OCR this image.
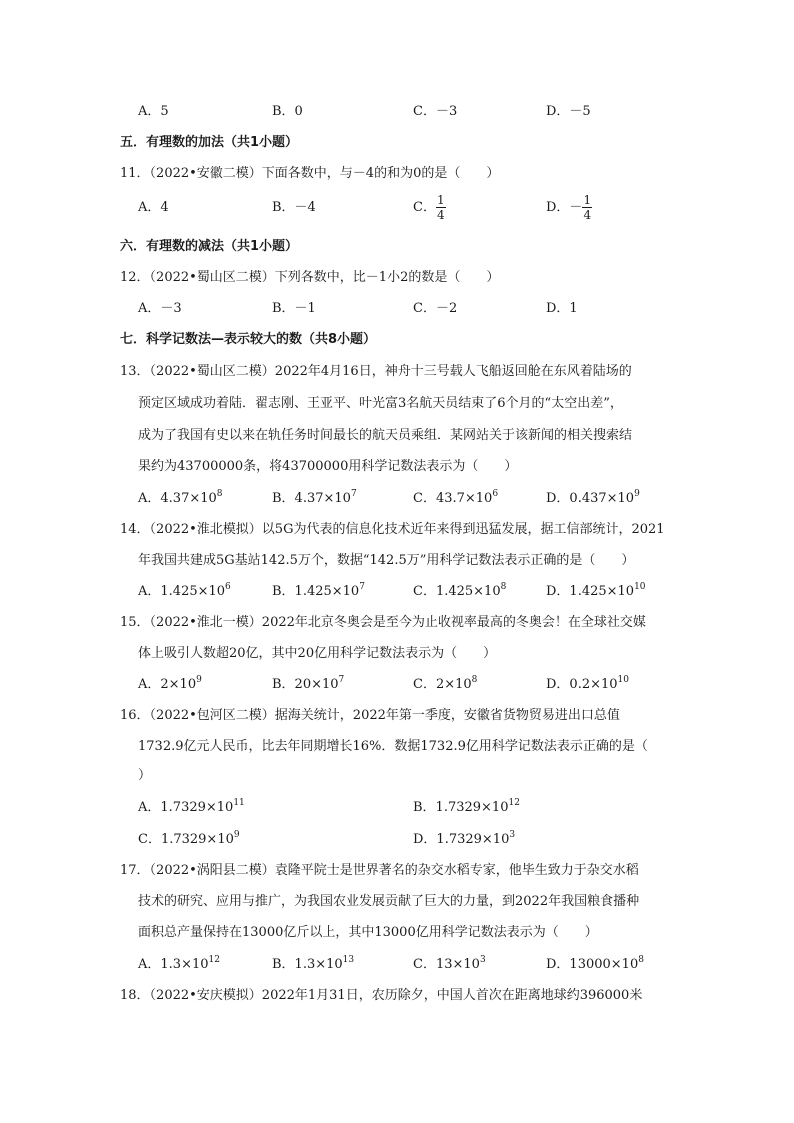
A．5	B．0	C．－3	D．－5
五．有理数的加法（共1小题）
11．（2022•安徽二模）下面各数中，与－4的和为0的是（　　）
A．4	B．－4	C． $\frac{1}{4}$	D．－ $\frac{1}{4}$
六．有理数的减法（共1小题）
12．（2022•蜀山区二模）下列各数中，比－1小2的数是（　　）
A．－3	B．－1	C．－2	D．1
七．科学记数法—表示较大的数（共8小题）
13．（2022•蜀山区二模）2022年4月16日，神舟十三号载人飞船返回舱在东风着陆场的
预定区域成功着陆．翟志刚、王亚平、叶光富3名航天员结束了6个月的“太空出差”，
成为了我国有史以来在轨任务时间最长的航天员乘组．某网站关于该新闻的相关搜索结
果约为43700000条，将43700000用科学记数法表示为（　　）
A．$4.37\times 10^8$	B．$4.37\times 10^7$	C．$43.7\times 10^6$	D．$0.437\times 10^9$
14．（2022•淮北模拟）以5G为代表的信息化技术近年来得到迅猛发展，据工信部统计，2021
年我国共建成5G基站142.5万个，数据“142.5万”用科学记数法表示正确的是（　　）
A．$1.425\times 10^6$	B．$1.425\times 10^7$	C．$1.425\times 10^8$	D．$1.425\times 10^{10}$
15．（2022•淮北一模）2022年北京冬奥会是至今为止收视率最高的冬奥会！在全球社交媒
体上吸引人数超20亿，其中20亿用科学记数法表示为（　　）
A．$2\times 10^9$	B．$20\times 10^7$	C．$2\times 10^8$	D．$0.2\times 10^{10}$
16．（2022•包河区二模）据海关统计，2022年第一季度，安徽省货物贸易进出口总值
1732.9亿元人民币，比去年同期增长16%．数据1732.9亿用科学记数法表示正确的是（
）
A．$1.7329\times 10^{11}$	B．$1.7329\times 10^{12}$
C．$1.7329\times 10^9$	D．$1.7329\times 10^3$
17．（2022•涡阳县二模）袁隆平院士是世界著名的杂交水稻专家，他毕生致力于杂交水稻
技术的研究、应用与推广，为我国农业发展贡献了巨大的力量，到2022年我国粮食播种
面积总产量保持在13000亿斤以上，其中13000亿用科学记数法表示为（　　）
A．$1.3\times 10^{12}$	B．$1.3\times 10^{13}$	C．$13\times 10^3$	D．$13000\times 10^8$
18．（2022•安庆模拟）2022年1月31日，农历除夕，中国人首次在距离地球约396000米
